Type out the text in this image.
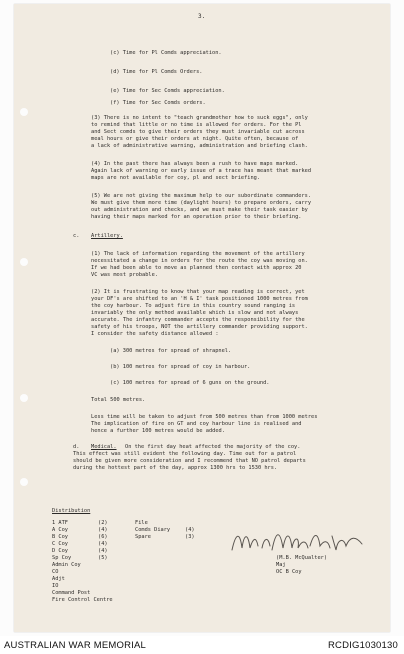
3.
(c) Time for Pl Comds appreciation.
(d) Time for Pl Comds Orders.
(e) Time for Sec Comds appreciation.
(f) Time for Sec Comds orders.
(3) There is no intent to "teach grandmother how to suck eggs", only
to remind that little or no time is allowed for orders. For the Pl
and Sect comds to give their orders they must invariable cut across
meal hours or give their orders at night. Quite often, because of
a lack of administrative warning, administration and briefing clash.
(4) In the past there has always been a rush to have maps marked.
Again lack of warning or early issue of a trace has meant that marked
maps are not available for coy, pl and sect briefing.
(5) We are not giving the maximum help to our subordinate commanders.
We must give them more time (daylight hours) to prepare orders, carry
out administration and checks, and we must make their task easier by
having their maps marked for an operation prior to their briefing.
c. Artillery.
(1) The lack of information regarding the movement of the artillery
necessitated a change in orders for the route the coy was moving on.
If we had been able to move as planned then contact with approx 20
VC was most probable.
(2) It is frustrating to know that your map reading is correct, yet
your DF's are shifted to an 'H & I' task positioned 1000 metres from
the coy harbour. To adjust fire in this country sound ranging is
invariably the only method available which is slow and not always
accurate. The infantry commander accepts the responsibility for the
safety of his troops, NOT the artillery commander providing support.
I consider the safety distance allowed :
(a) 300 metres for spread of shrapnel.
(b) 100 metres for spread of coy in harbour.
(c) 100 metres for spread of 6 guns on the ground.
Total 500 metres.
Less time will be taken to adjust from 500 metres than from 1000 metres
The implication of fire on GT and coy harbour line is realised and
hence a further 100 metres would be added.
d. Medical. On the first day heat affected the majority of the coy.
This effect was still evident the following day. Time out for a patrol
should be given more consideration and I recommend that NO patrol departs
during the hottest part of the day, approx 1300 hrs to 1530 hrs.
Distribution
1 ATF	(2)
A Coy	(4)
B Coy	(6)
C Coy	(4)
D Coy	(4)
Sp Coy	(5)
Admin Coy
CO
Adjt
IO
Command Post
Fire Control Centre
File
Comds Diary	(4)
Spare	(3)
(M.B. McQualter)
Maj
OC B Coy
AUSTRALIAN WAR MEMORIAL	RCDIG1030130
